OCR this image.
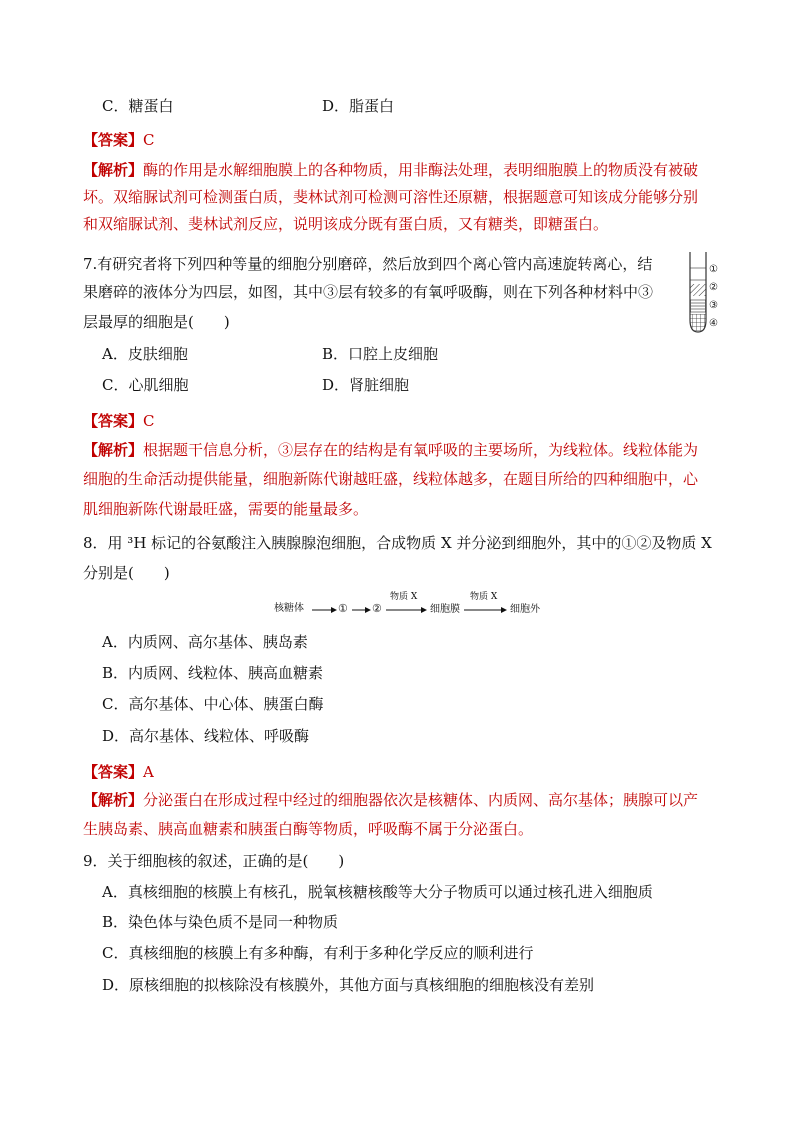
C．糖蛋白	D．脂蛋白
【答案】C
【解析】酶的作用是水解细胞膜上的各种物质，用非酶法处理，表明细胞膜上的物质没有被破
坏。双缩脲试剂可检测蛋白质，斐林试剂可检测可溶性还原糖，根据题意可知该成分能够分别
和双缩脲试剂、斐林试剂反应，说明该成分既有蛋白质，又有糖类，即糖蛋白。
7.有研究者将下列四种等量的细胞分别磨碎，然后放到四个离心管内高速旋转离心，结
果磨碎的液体分为四层，如图，其中③层有较多的有氧呼吸酶，则在下列各种材料中③
层最厚的细胞是(　　)
①
②
③
④
A．皮肤细胞	B．口腔上皮细胞
C．心肌细胞	D．肾脏细胞
【答案】C
【解析】根据题干信息分析，③层存在的结构是有氧呼吸的主要场所，为线粒体。线粒体能为
细胞的生命活动提供能量，细胞新陈代谢越旺盛，线粒体越多，在题目所给的四种细胞中，心
肌细胞新陈代谢最旺盛，需要的能量最多。
8．用 ³H 标记的谷氨酸注入胰腺腺泡细胞，合成物质 X 并分泌到细胞外，其中的①②及物质 X
分别是(　　)
核糖体	① ②	细胞膜	细胞外
物质 X	物质 X
A．内质网、高尔基体、胰岛素
B．内质网、线粒体、胰高血糖素
C．高尔基体、中心体、胰蛋白酶
D．高尔基体、线粒体、呼吸酶
【答案】A
【解析】分泌蛋白在形成过程中经过的细胞器依次是核糖体、内质网、高尔基体；胰腺可以产
生胰岛素、胰高血糖素和胰蛋白酶等物质，呼吸酶不属于分泌蛋白。
9．关于细胞核的叙述，正确的是(　　)
A．真核细胞的核膜上有核孔，脱氧核糖核酸等大分子物质可以通过核孔进入细胞质
B．染色体与染色质不是同一种物质
C．真核细胞的核膜上有多种酶，有利于多种化学反应的顺利进行
D．原核细胞的拟核除没有核膜外，其他方面与真核细胞的细胞核没有差别
